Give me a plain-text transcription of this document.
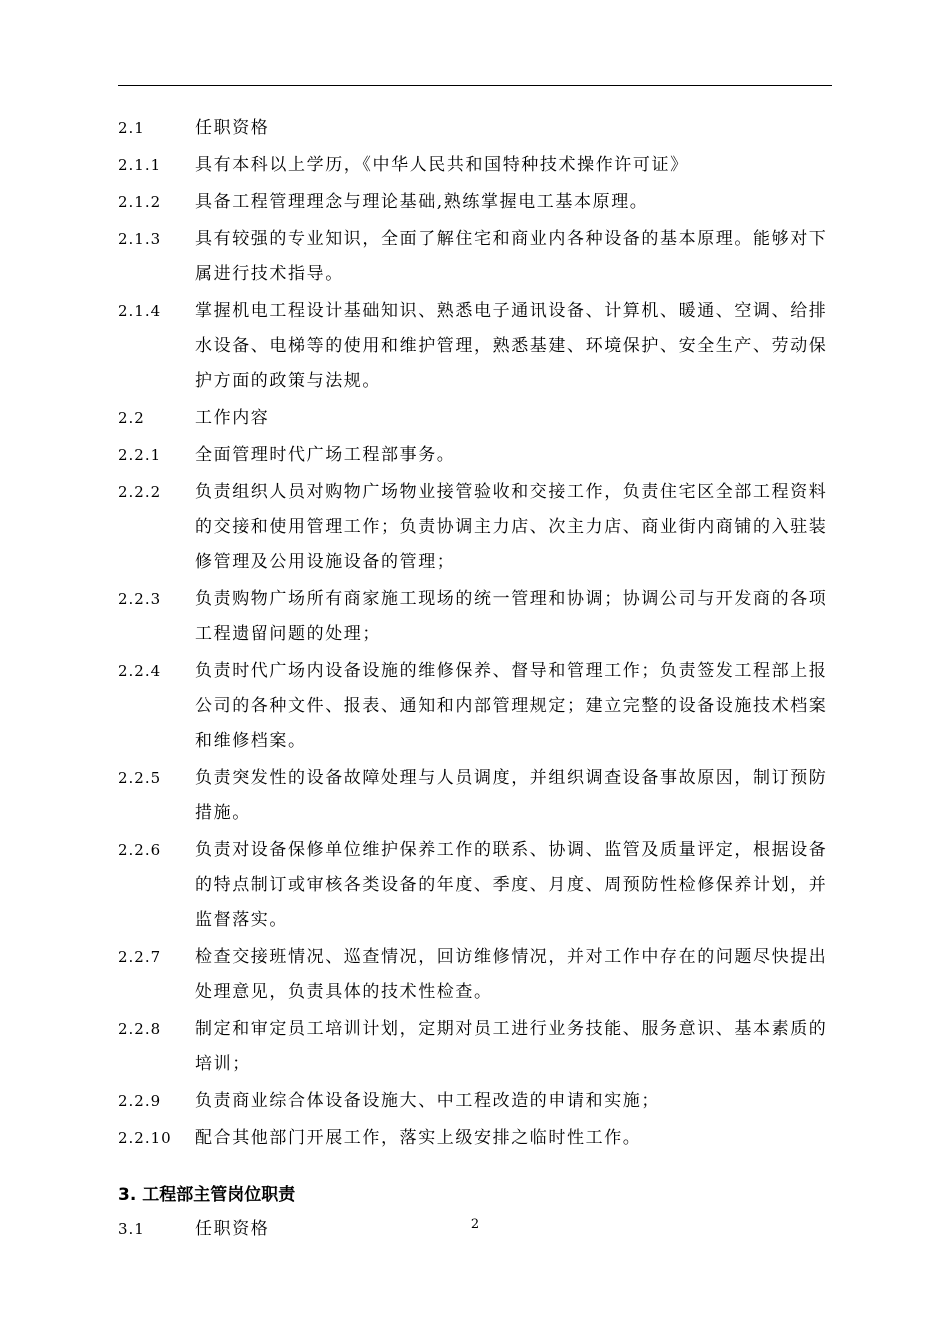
2.1	任职资格
2.1.1	具有本科以上学历，《中华人民共和国特种技术操作许可证》
2.1.2	具备工程管理理念与理论基础,熟练掌握电工基本原理。
2.1.3	具有较强的专业知识，全面了解住宅和商业内各种设备的基本原理。能够对下属进行技术指导。
2.1.4	掌握机电工程设计基础知识、熟悉电子通讯设备、计算机、暖通、空调、给排水设备、电梯等的使用和维护管理，熟悉基建、环境保护、安全生产、劳动保护方面的政策与法规。
2.2	工作内容
2.2.1	全面管理时代广场工程部事务。
2.2.2	负责组织人员对购物广场物业接管验收和交接工作，负责住宅区全部工程资料的交接和使用管理工作；负责协调主力店、次主力店、商业街内商铺的入驻装修管理及公用设施设备的管理；
2.2.3	负责购物广场所有商家施工现场的统一管理和协调；协调公司与开发商的各项工程遗留问题的处理；
2.2.4	负责时代广场内设备设施的维修保养、督导和管理工作；负责签发工程部上报公司的各种文件、报表、通知和内部管理规定；建立完整的设备设施技术档案和维修档案。
2.2.5	负责突发性的设备故障处理与人员调度，并组织调查设备事故原因，制订预防措施。
2.2.6	负责对设备保修单位维护保养工作的联系、协调、监管及质量评定，根据设备的特点制订或审核各类设备的年度、季度、月度、周预防性检修保养计划，并监督落实。
2.2.7	检查交接班情况、巡查情况，回访维修情况，并对工作中存在的问题尽快提出处理意见，负责具体的技术性检查。
2.2.8	制定和审定员工培训计划，定期对员工进行业务技能、服务意识、基本素质的培训；
2.2.9	负责商业综合体设备设施大、中工程改造的申请和实施；
2.2.10	配合其他部门开展工作，落实上级安排之临时性工作。
3. 工程部主管岗位职责
3.1	任职资格	2
